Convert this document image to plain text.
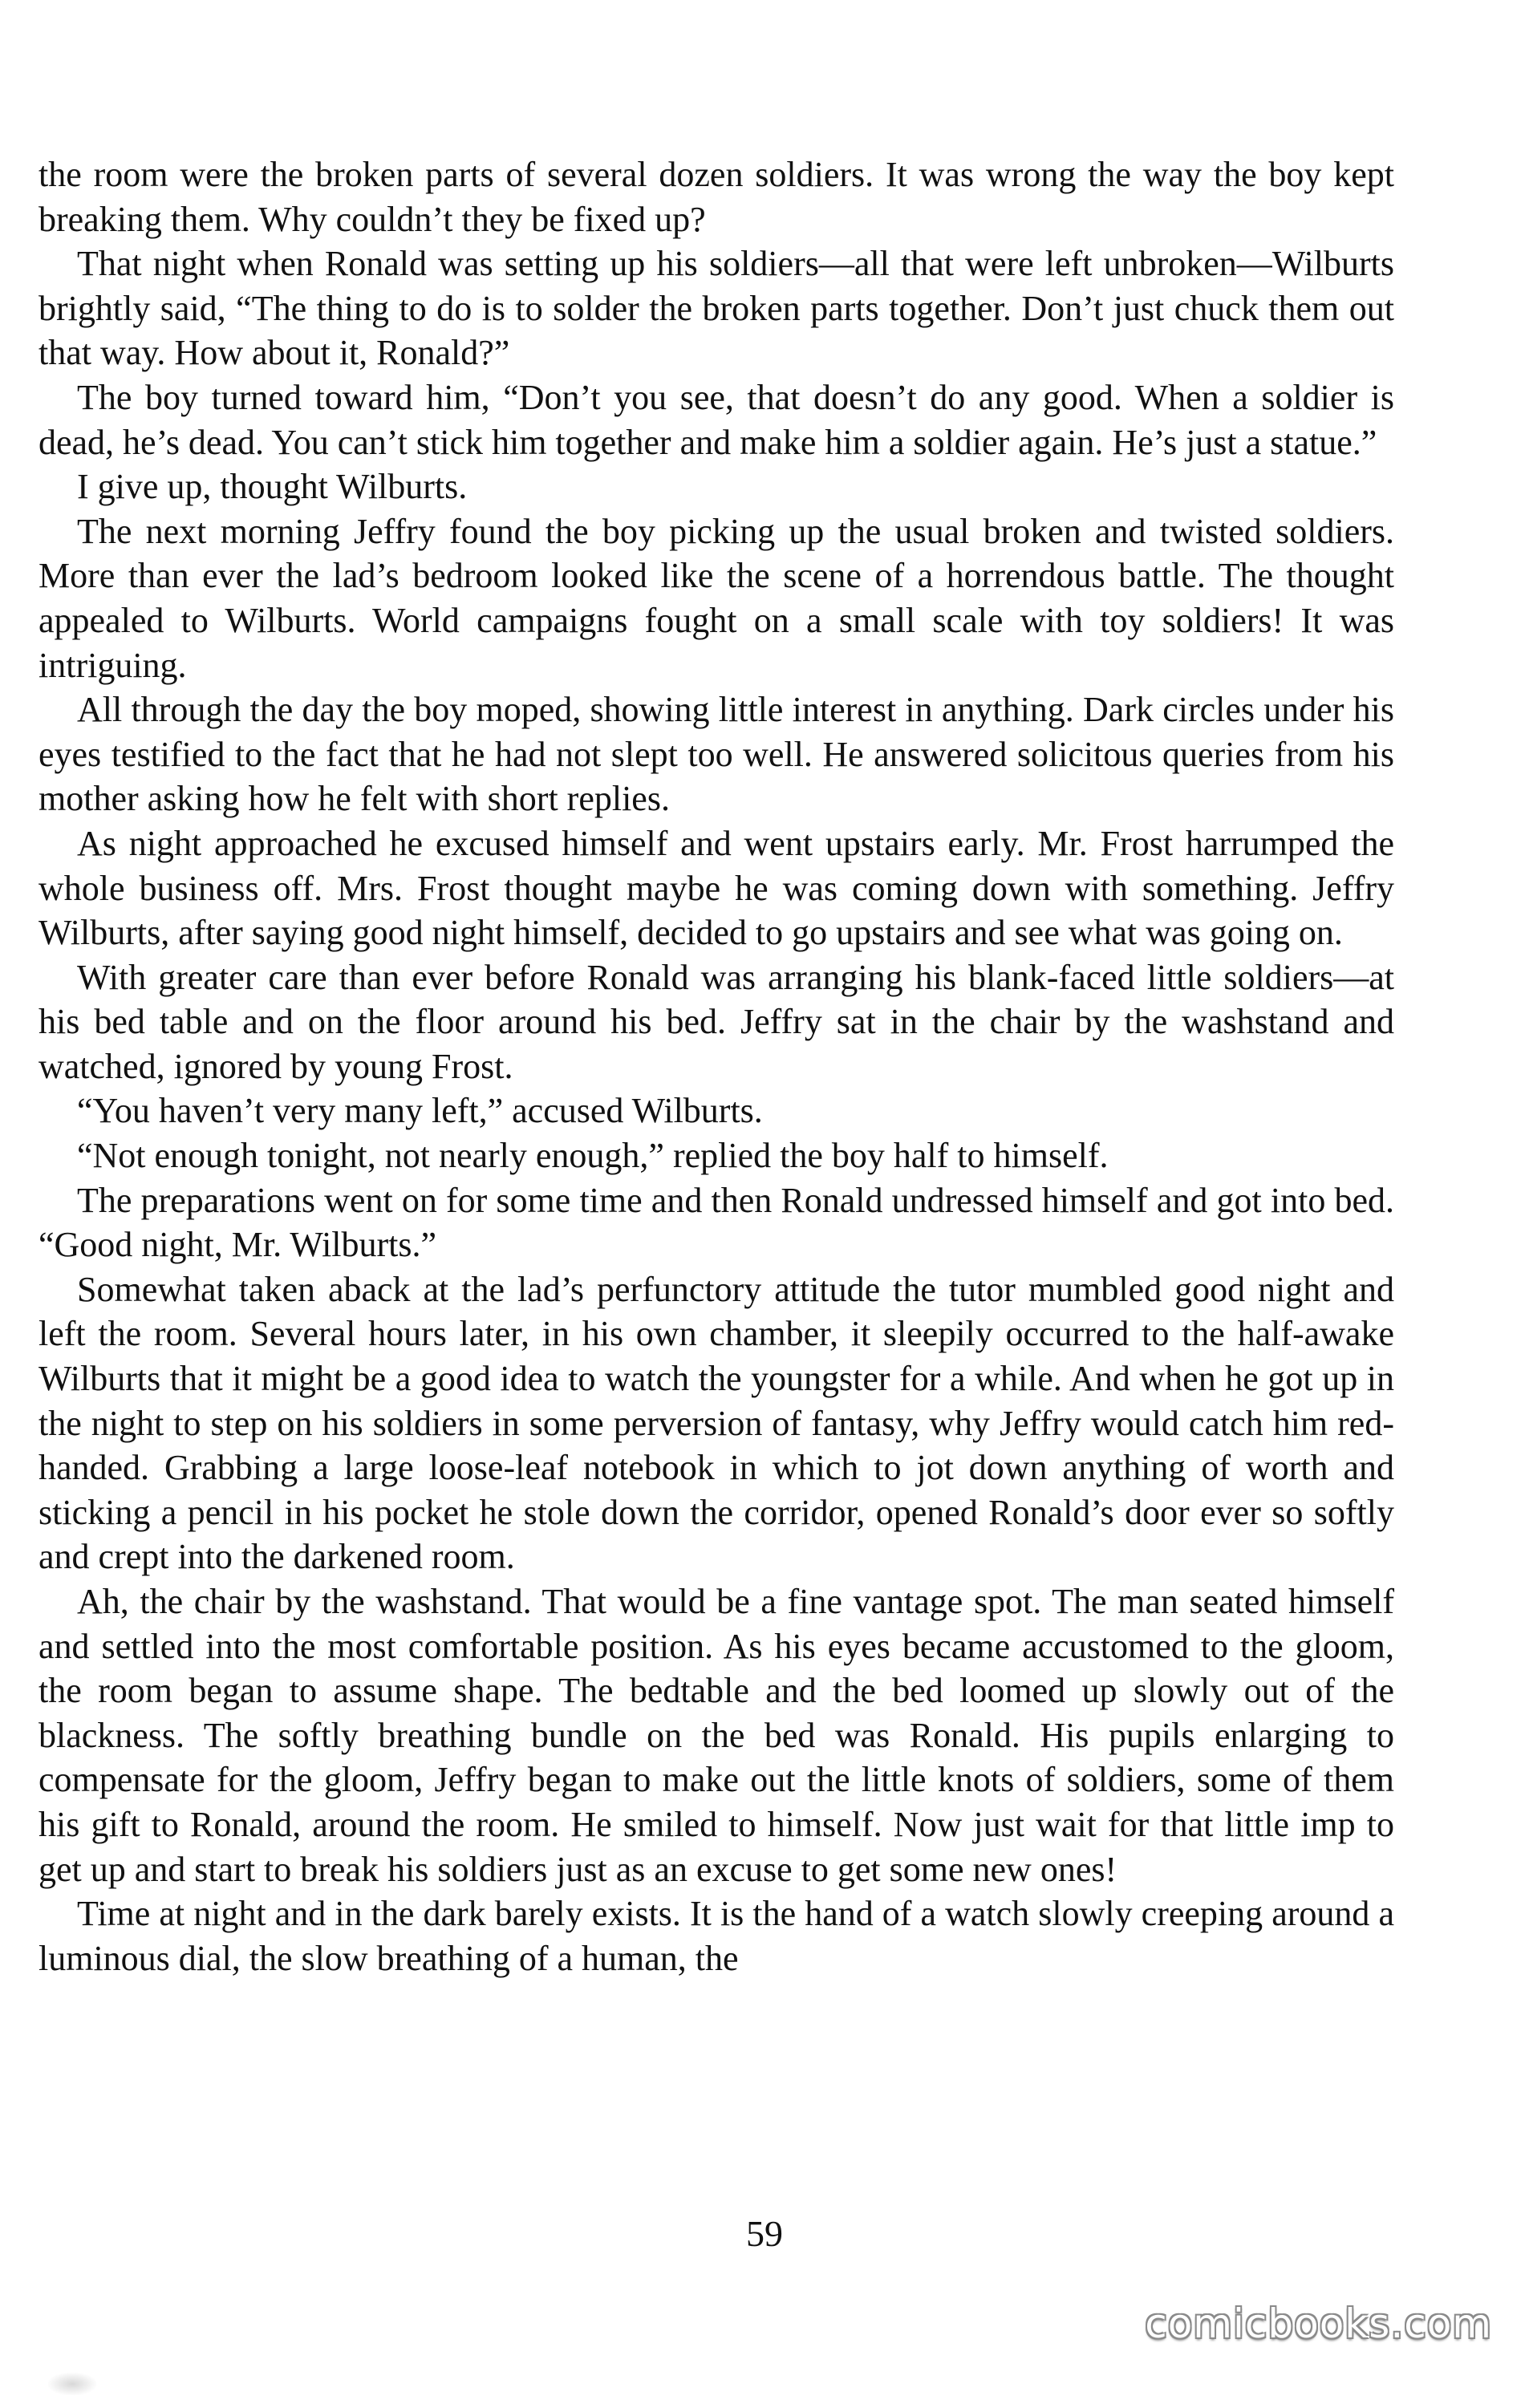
the room were the broken parts of several dozen soldiers. It was wrong the way the boy kept breaking them. Why couldn’t they be fixed up?

That night when Ronald was setting up his soldiers—all that were left unbroken—Wilburts brightly said, “The thing to do is to solder the broken parts together. Don’t just chuck them out that way. How about it, Ronald?”

The boy turned toward him, “Don’t you see, that doesn’t do any good. When a soldier is dead, he’s dead. You can’t stick him together and make him a soldier again. He’s just a statue.”

I give up, thought Wilburts.

The next morning Jeffry found the boy picking up the usual broken and twisted soldiers. More than ever the lad’s bedroom looked like the scene of a horrendous battle. The thought appealed to Wilburts. World campaigns fought on a small scale with toy soldiers! It was intriguing.

All through the day the boy moped, showing little interest in anything. Dark circles under his eyes testified to the fact that he had not slept too well. He answered solicitous queries from his mother asking how he felt with short replies.

As night approached he excused himself and went upstairs early. Mr. Frost harrumped the whole business off. Mrs. Frost thought maybe he was coming down with something. Jeffry Wilburts, after saying good night himself, decided to go upstairs and see what was going on.

With greater care than ever before Ronald was arranging his blank-faced little soldiers—at his bed table and on the floor around his bed. Jeffry sat in the chair by the washstand and watched, ignored by young Frost.

“You haven’t very many left,” accused Wilburts.

“Not enough tonight, not nearly enough,” replied the boy half to himself.

The preparations went on for some time and then Ronald undressed himself and got into bed. “Good night, Mr. Wilburts.”

Somewhat taken aback at the lad’s perfunctory attitude the tutor mumbled good night and left the room. Several hours later, in his own chamber, it sleepily occurred to the half-awake Wilburts that it might be a good idea to watch the youngster for a while. And when he got up in the night to step on his soldiers in some perversion of fantasy, why Jeffry would catch him redhanded. Grabbing a large loose-leaf notebook in which to jot down anything of worth and sticking a pencil in his pocket he stole down the corridor, opened Ronald’s door ever so softly and crept into the darkened room.

Ah, the chair by the washstand. That would be a fine vantage spot. The man seated himself and settled into the most comfortable position. As his eyes became accustomed to the gloom, the room began to assume shape. The bedtable and the bed loomed up slowly out of the blackness. The softly breathing bundle on the bed was Ronald. His pupils enlarging to compensate for the gloom, Jeffry began to make out the little knots of soldiers, some of them his gift to Ronald, around the room. He smiled to himself. Now just wait for that little imp to get up and start to break his soldiers just as an excuse to get some new ones!

Time at night and in the dark barely exists. It is the hand of a watch slowly creeping around a luminous dial, the slow breathing of a human, the

59
comicbooks.com
